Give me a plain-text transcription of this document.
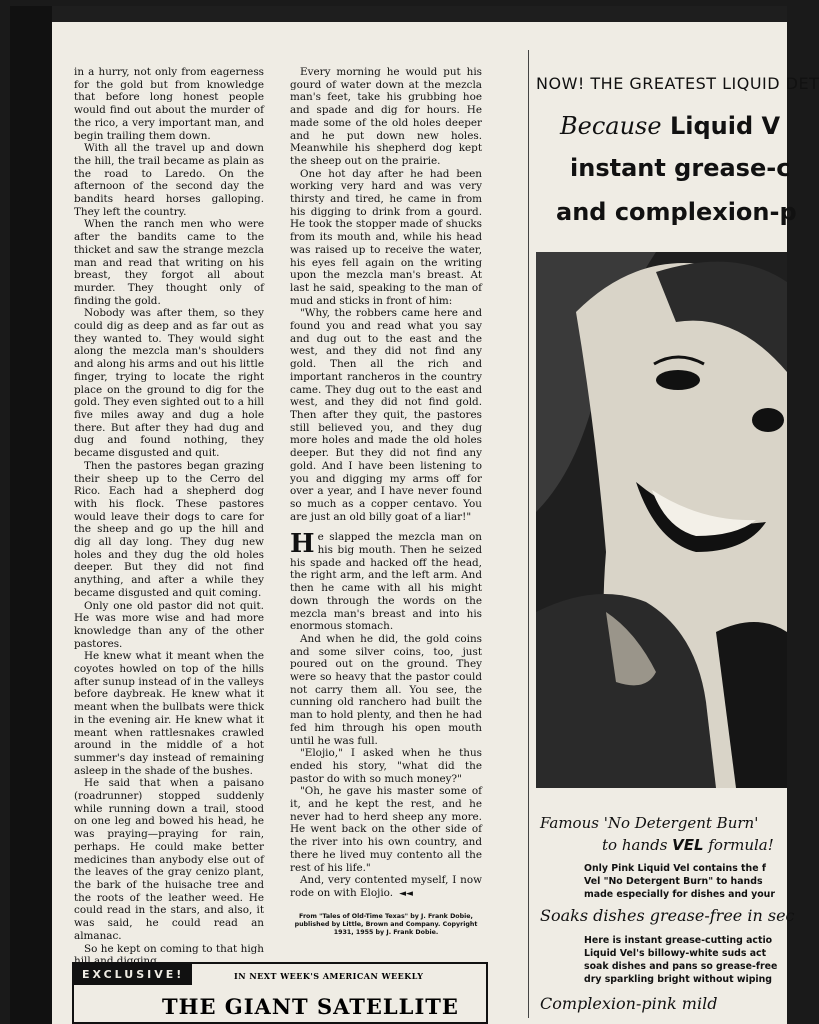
in a hurry, not only from eagerness for the gold but from knowledge that before long honest people would find out about the murder of the rico, a very important man, and begin trailing them down.

With all the travel up and down the hill, the trail became as plain as the road to Laredo. On the afternoon of the second day the bandits heard horses galloping. They left the country.

When the ranch men who were after the bandits came to the thicket and saw the strange mezcla man and read that writing on his breast, they forgot all about murder. They thought only of finding the gold.

Nobody was after them, so they could dig as deep and as far out as they wanted to. They would sight along the mezcla man's shoulders and along his arms and out his little finger, trying to locate the right place on the ground to dig for the gold. They even sighted out to a hill five miles away and dug a hole there. But after they had dug and dug and found nothing, they became disgusted and quit.

Then the pastores began grazing their sheep up to the Cerro del Rico. Each had a shepherd dog with his flock. These pastores would leave their dogs to care for the sheep and go up the hill and dig all day long. They dug new holes and they dug the old holes deeper. But they did not find anything, and after a while they became disgusted and quit coming.

Only one old pastor did not quit. He was more wise and had more knowledge than any of the other pastores.

He knew what it meant when the coyotes howled on top of the hills after sunup instead of in the valleys before daybreak. He knew what it meant when the bullbats were thick in the evening air. He knew what it meant when rattlesnakes crawled around in the middle of a hot summer's day instead of remaining asleep in the shade of the bushes.

He said that when a paisano (roadrunner) stopped suddenly while running down a trail, stood on one leg and bowed his head, he was praying—praying for rain, perhaps. He could make better medicines than anybody else out of the leaves of the gray cenizo plant, the bark of the huisache tree and the roots of the leather weed. He could read in the stars, and also, it was said, he could read an almanac.

So he kept on coming to that high

Every morning he would put his gourd of water down at the mezcla man's feet, take his grubbing hoe and spade and dig for hours. He made some of the old holes deeper and he put down new holes. Meanwhile his shepherd dog kept the sheep out on the prairie.

One hot day after he had been working very hard and was very thirsty and tired, he came in from his digging to drink from a gourd. He took the stopper made of shucks from its mouth and, while his head was raised up to receive the water, his eyes fell again on the writing upon the mezcla man's breast. At last he said, speaking to the man of mud and sticks in front of him:

"Why, the robbers came here and found you and read what you say and dug out to the east and the west, and they did not find any gold. Then all the rich and important rancheros in the country came. They dug out to the east and west, and they did not find gold. Then after they quit, the pastores still believed you, and they dug more holes and made the old holes deeper. But they did not find any gold. And I have been listening to you and digging my arms off for over a year, and I have never found so much as a copper centavo. You are just an old billy goat of a liar!"

He slapped the mezcla man on his big mouth. Then he seized his spade and hacked off the head, the right arm, and the left arm. And then he came with all his might down through the words on the mezcla man's breast and into his enormous stomach.

And when he did, the gold coins and some silver coins, too, just poured out on the ground. They were so heavy that the pastor could not carry them all. You see, the cunning old ranchero had built the man to hold plenty, and then he had fed him through his open mouth until he was full.

"Elojio," I asked when he thus ended his story, "what did the pastor do with so much money?"

"Oh, he gave his master some of it, and he kept the rest, and he never had to herd sheep any more. He went back on the other side of the river into his own country, and there he lived muy contento all the rest of his life."

And, very contented myself, I now rode on with Elojio. ◄◄

From "Tales of Old-Time Texas" by J. Frank Dobie, published by Little, Brown and Company. Copyright 1931, 1955 by J. Frank Dobie.
NOW! THE GREATEST LIQUID DET
Because Liquid V
instant grease-c
and complexion-p
Famous 'No Detergent Burn'
to hands VEL formula!
Only Pink Liquid Vel contains the f
Vel "No Detergent Burn" to hands
made especially for dishes and your
Soaks dishes grease-free in sec
Here is instant grease-cutting actio
Liquid Vel's billowy-white suds act
soak dishes and pans so grease-free
dry sparkling bright without wiping
Complexion-pink mild
EXCLUSIVE!	IN NEXT WEEK'S AMERICAN WEEKLY
THE GIANT SATELLITE
